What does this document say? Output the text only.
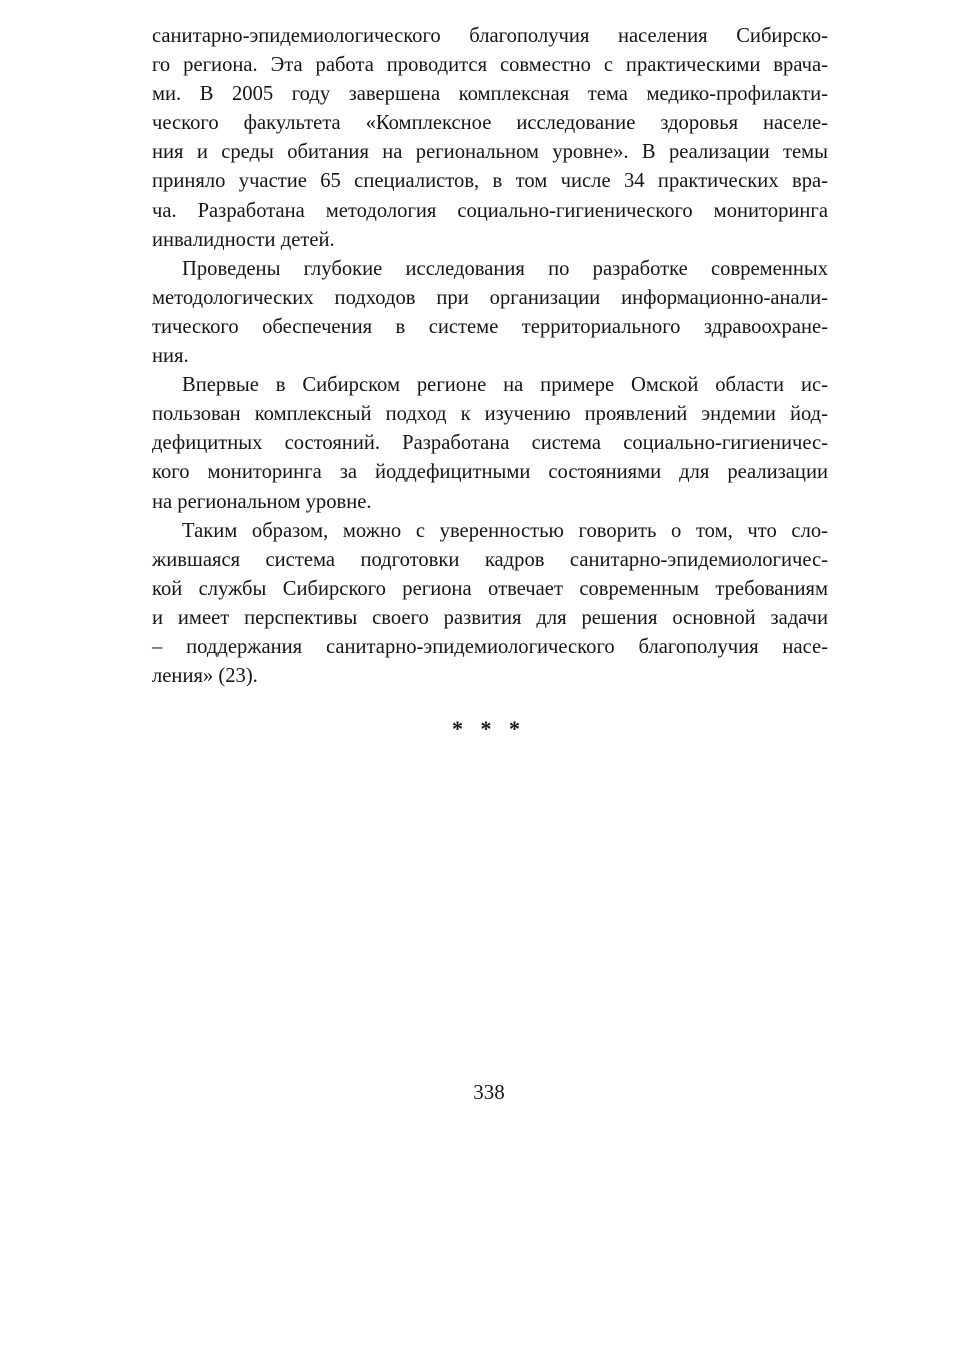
санитарно-эпидемиологического благополучия населения Сибирско-
го региона. Эта работа проводится совместно с практическими врача-
ми. В 2005 году завершена комплексная тема медико-профилакти-
ческого факультета «Комплексное исследование здоровья населе-
ния и среды обитания на региональном уровне». В реализации темы
приняло участие 65 специалистов, в том числе 34 практических вра-
ча. Разработана методология социально-гигиенического мониторинга
инвалидности детей.
Проведены глубокие исследования по разработке современных
методологических подходов при организации информационно-анали-
тического обеспечения в системе территориального здравоохране-
ния.
Впервые в Сибирском регионе на примере Омской области ис-
пользован комплексный подход к изучению проявлений эндемии йод-
дефицитных состояний. Разработана система социально-гигиеничес-
кого мониторинга за йоддефицитными состояниями для реализации
на региональном уровне.
Таким образом, можно с уверенностью говорить о том, что сло-
жившаяся система подготовки кадров санитарно-эпидемиологичес-
кой службы Сибирского региона отвечает современным требованиям
и имеет перспективы своего развития для решения основной задачи
– поддержания санитарно-эпидемиологического благополучия насе-
ления» (23).
* * *
338
